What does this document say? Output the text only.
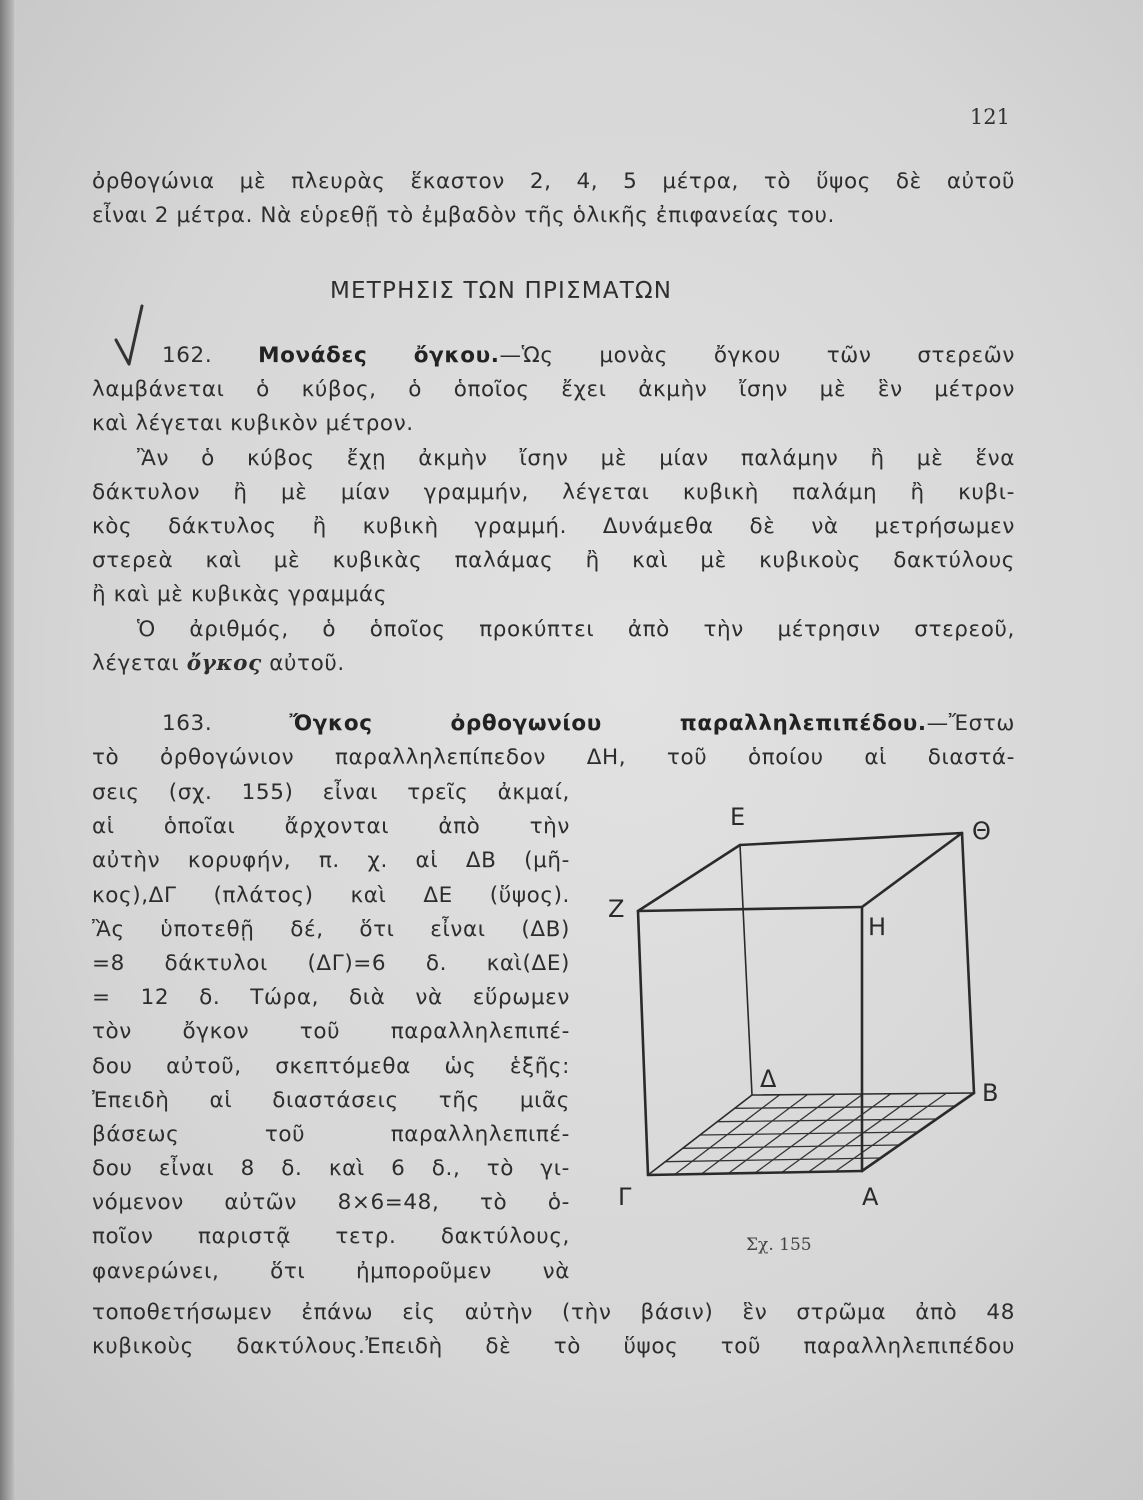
121
ὀρθογώνια μὲ πλευρὰς ἕκαστον 2, 4, 5 μέτρα, τὸ ὕψος δὲ αὐτοῦ
εἶναι 2 μέτρα. Νὰ εὑρεθῇ τὸ ἐμβαδὸν τῆς ὁλικῆς ἐπιφανείας του.
ΜΕΤΡΗΣΙΣ ΤΩΝ ΠΡΙΣΜΑΤΩΝ
162. Μονάδες ὄγκου.—Ὡς μονὰς ὄγκου τῶν στερεῶν
λαμβάνεται ὁ κύβος, ὁ ὁποῖος ἔχει ἀκμὴν ἴσην μὲ ἓν μέτρον
καὶ λέγεται κυβικὸν μέτρον.
Ἂν ὁ κύβος ἔχῃ ἀκμὴν ἴσην μὲ μίαν παλάμην ἢ μὲ ἕνα
δάκτυλον ἢ μὲ μίαν γραμμήν, λέγεται κυβικὴ παλάμη ἢ κυβι-
κὸς δάκτυλος ἢ κυβικὴ γραμμή. Δυνάμεθα δὲ νὰ μετρήσωμεν
στερεὰ καὶ μὲ κυβικὰς παλάμας ἢ καὶ μὲ κυβικοὺς δακτύλους
ἢ καὶ μὲ κυβικὰς γραμμάς
Ὁ ἀριθμός, ὁ ὁποῖος προκύπτει ἀπὸ τὴν μέτρησιν στερεοῦ,
λέγεται ὄγκος αὐτοῦ.
163.	Ὄγκος ὀρθογωνίου παραλληλεπιπέδου.—Ἔστω
τὸ ὀρθογώνιον παραλληλεπίπεδον ΔΗ, τοῦ ὁποίου αἱ διαστά-
σεις (σχ. 155) εἶναι τρεῖς ἀκμαί,
αἱ ὁποῖαι ἄρχονται ἀπὸ τὴν
αὐτὴν κορυφήν, π. χ. αἱ ΔΒ (μῆ-
κος),ΔΓ (πλάτος) καὶ ΔΕ (ὕψος).
Ἂς ὑποτεθῇ δέ, ὅτι εἶναι (ΔΒ)
=8 δάκτυλοι (ΔΓ)=6 δ. καὶ(ΔΕ)
= 12 δ. Τώρα, διὰ νὰ εὕρωμεν
τὸν ὄγκον τοῦ παραλληλεπιπέ-
δου αὐτοῦ, σκεπτόμεθα ὡς ἑξῆς:
Ἐπειδὴ αἱ διαστάσεις τῆς μιᾶς
βάσεως τοῦ παραλληλεπιπέ-
δου εἶναι 8 δ. καὶ 6 δ., τὸ γι-
νόμενον αὐτῶν 8×6=48, τὸ ὁ-
ποῖον παριστᾷ τετρ. δακτύλους,
φανερώνει, ὅτι ἠμποροῦμεν νὰ
τοποθετήσωμεν ἐπάνω εἰς αὐτὴν (τὴν βάσιν) ἓν στρῶμα ἀπὸ 48
κυβικοὺς δακτύλους.Ἐπειδὴ δὲ τὸ ὕψος τοῦ παραλληλεπιπέδου
Ε	Θ
Ζ
Η
Δ	Β
Γ	Α
Σχ. 155
